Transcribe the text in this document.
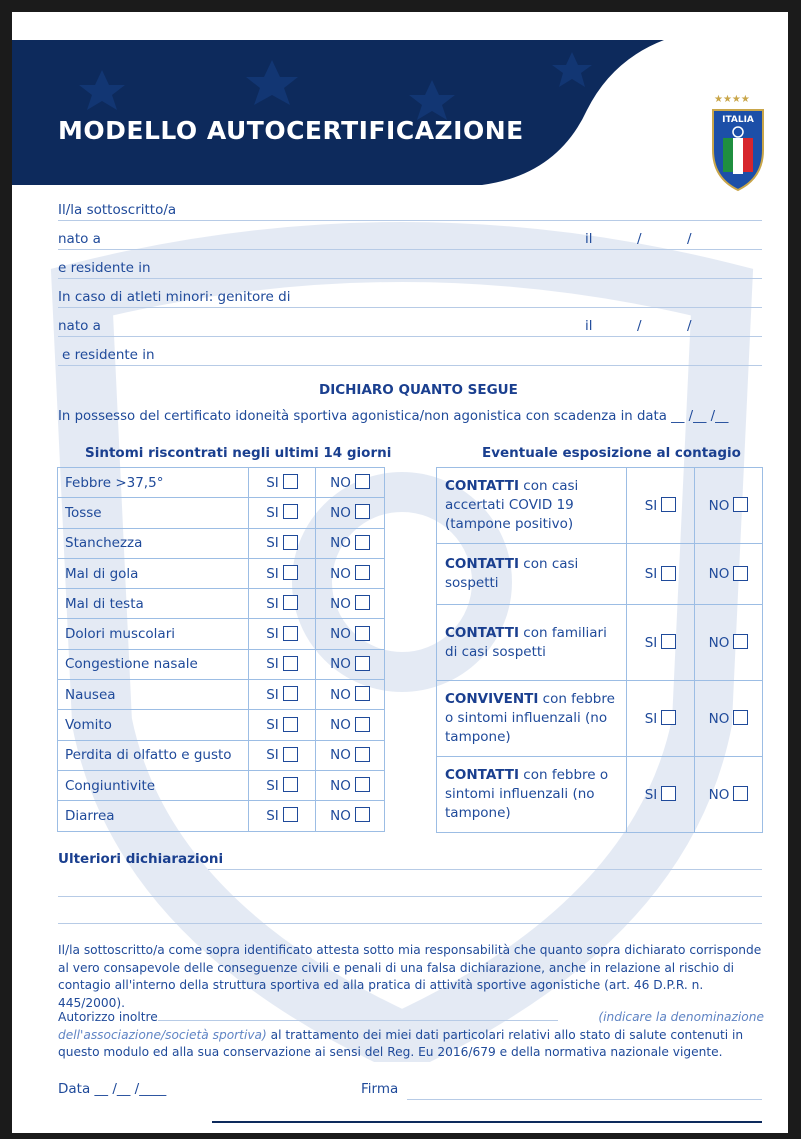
MODELLO AUTOCERTIFICAZIONE
★★★★
ITALIA
Il/la sottoscritto/a
nato a	il	/	/
e residente in
In caso di atleti minori: genitore di
nato a	il	/	/
e residente in
DICHIARO QUANTO SEGUE
In possesso del certificato idoneità sportiva agonistica/non agonistica con scadenza in data __ /__ /__
Sintomi riscontrati negli ultimi 14 giorni	Eventuale esposizione al contagio
Febbre >37,5°	SI	NO
Tosse	SI	NO
Stanchezza	SI	NO
Mal di gola	SI	NO
Mal di testa	SI	NO
Dolori muscolari	SI	NO
Congestione nasale	SI	NO
Nausea	SI	NO
Vomito	SI	NO
Perdita di olfatto e gusto	SI	NO
Congiuntivite	SI	NO
Diarrea	SI	NO
CONTATTI con casi accertati COVID 19 (tampone positivo)	SI	NO
CONTATTI con casi sospetti	SI	NO
CONTATTI con familiari di casi sospetti	SI	NO
CONVIVENTI con febbre o sintomi influenzali (no tampone)	SI	NO
CONTATTI con febbre o sintomi influenzali (no tampone)	SI	NO
Ulteriori dichiarazioni
Il/la sottoscritto/a come sopra identificato attesta sotto mia responsabilità che quanto sopra dichiarato corrisponde al vero consapevole delle conseguenze civili e penali di una falsa dichiarazione, anche in relazione al rischio di contagio all'interno della struttura sportiva ed alla pratica di attività sportive agonistiche (art. 46 D.P.R. n. 445/2000).
Autorizzo inoltre	(indicare la denominazione

dell'associazione/società sportiva) al trattamento dei miei dati particolari relativi allo stato di salute contenuti in questo modulo ed alla sua conservazione ai sensi del Reg. Eu 2016/679 e della normativa nazionale vigente.
Data __ /__ /____	Firma
